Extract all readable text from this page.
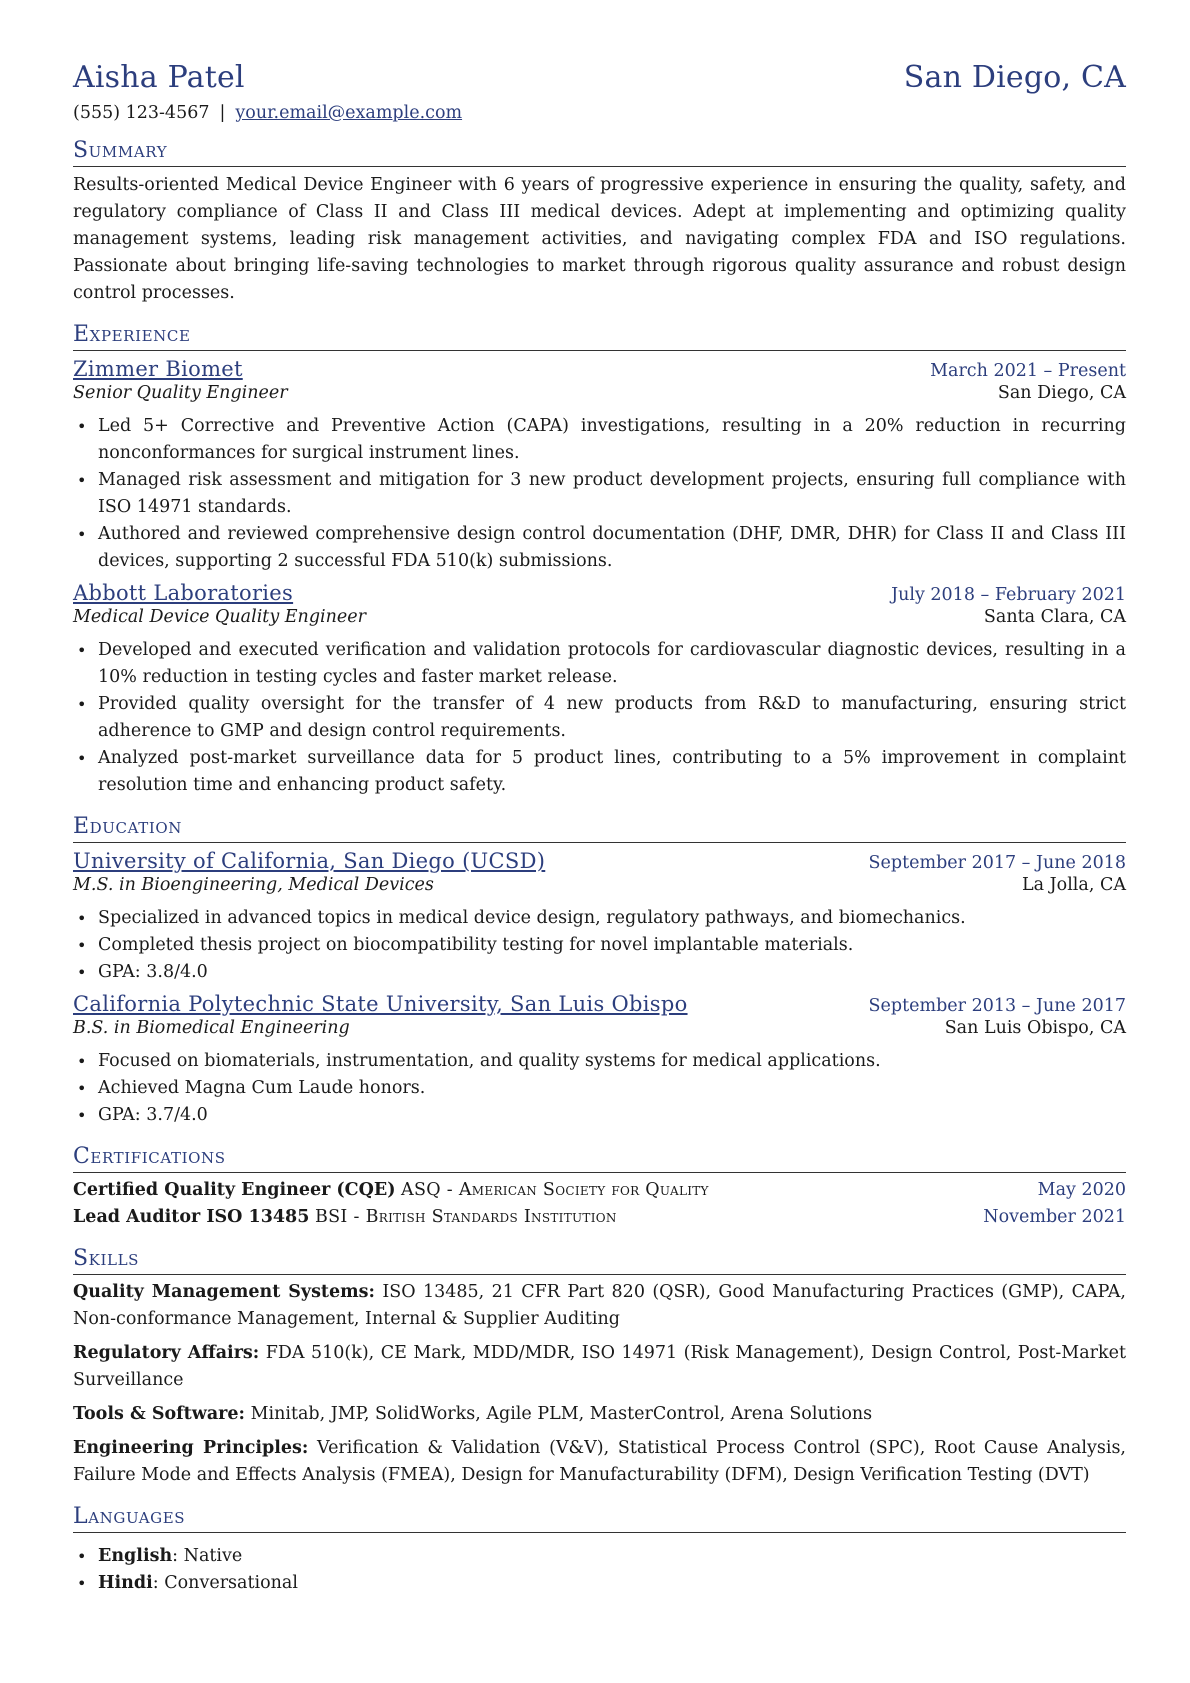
Aisha Patel	San Diego, CA
(555) 123-4567 | your.email@example.com
Summary
Results-oriented Medical Device Engineer with 6 years of progressive experience in ensuring the quality, safety, and regulatory compliance of Class II and Class III medical devices. Adept at implementing and optimizing quality management systems, leading risk management activities, and navigating complex FDA and ISO regulations. Passionate about bringing life-saving technologies to market through rigorous quality assurance and robust design control processes.
Experience
Zimmer Biomet	March 2021 – Present
Senior Quality Engineer	San Diego, CA
• Led 5+ Corrective and Preventive Action (CAPA) investigations, resulting in a 20% reduction in recurring nonconformances for surgical instrument lines.
• Managed risk assessment and mitigation for 3 new product development projects, ensuring full compliance with ISO 14971 standards.
• Authored and reviewed comprehensive design control documentation (DHF, DMR, DHR) for Class II and Class III devices, supporting 2 successful FDA 510(k) submissions.
Abbott Laboratories	July 2018 – February 2021
Medical Device Quality Engineer	Santa Clara, CA
• Developed and executed verification and validation protocols for cardiovascular diagnostic devices, resulting in a 10% reduction in testing cycles and faster market release.
• Provided quality oversight for the transfer of 4 new products from R&D to manufacturing, ensuring strict adherence to GMP and design control requirements.
• Analyzed post-market surveillance data for 5 product lines, contributing to a 5% improvement in complaint resolution time and enhancing product safety.
Education
University of California, San Diego (UCSD)	September 2017 – June 2018
M.S. in Bioengineering, Medical Devices	La Jolla, CA
• Specialized in advanced topics in medical device design, regulatory pathways, and biomechanics.
• Completed thesis project on biocompatibility testing for novel implantable materials.
• GPA: 3.8/4.0
California Polytechnic State University, San Luis Obispo	September 2013 – June 2017
B.S. in Biomedical Engineering	San Luis Obispo, CA
• Focused on biomaterials, instrumentation, and quality systems for medical applications.
• Achieved Magna Cum Laude honors.
• GPA: 3.7/4.0
Certifications
Certified Quality Engineer (CQE) ASQ - American Society for Quality	May 2020
Lead Auditor ISO 13485 BSI - British Standards Institution	November 2021
Skills
Quality Management Systems: ISO 13485, 21 CFR Part 820 (QSR), Good Manufacturing Practices (GMP), CAPA, Non-conformance Management, Internal & Supplier Auditing
Regulatory Affairs: FDA 510(k), CE Mark, MDD/MDR, ISO 14971 (Risk Management), Design Control, Post-Market Surveillance
Tools & Software: Minitab, JMP, SolidWorks, Agile PLM, MasterControl, Arena Solutions
Engineering Principles: Verification & Validation (V&V), Statistical Process Control (SPC), Root Cause Analysis, Failure Mode and Effects Analysis (FMEA), Design for Manufacturability (DFM), Design Verification Testing (DVT)
Languages
• English: Native
• Hindi: Conversational
